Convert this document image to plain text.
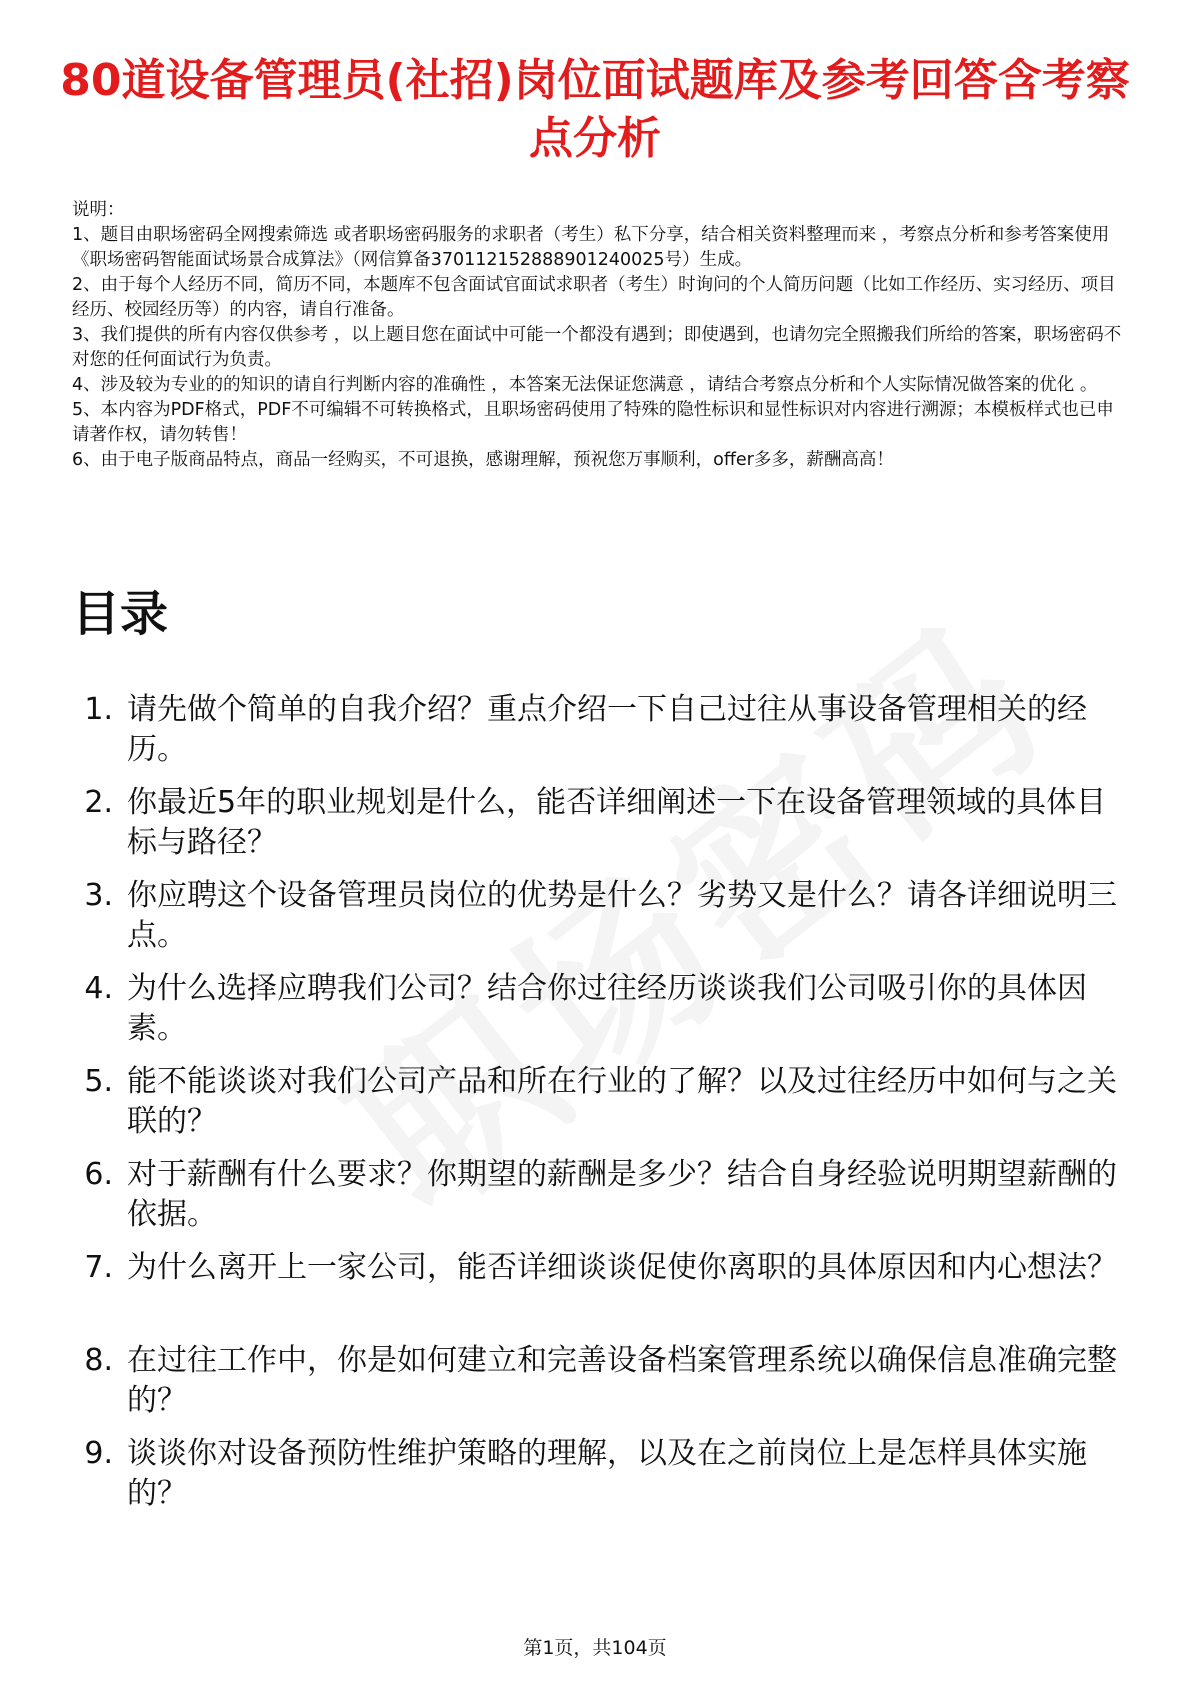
80道设备管理员(社招)岗位面试题库及参考回答含考察点分析

说明：

1、题目由职场密码全网搜索筛选 或者职场密码服务的求职者（考生）私下分享，结合相关资料整理而来 ，考察点分析和参考答案使用《职场密码智能面试场景合成算法》（网信算备370112152888901240025号）生成。

2、由于每个人经历不同，简历不同，本题库不包含面试官面试求职者（考生）时询问的个人简历问题（比如工作经历、实习经历、项目经历、校园经历等）的内容，请自行准备。

3、我们提供的所有内容仅供参考 ，以上题目您在面试中可能一个都没有遇到；即使遇到，也请勿完全照搬我们所给的答案，职场密码不对您的任何面试行为负责。

4、涉及较为专业的的知识的请自行判断内容的准确性 ，本答案无法保证您满意 ，请结合考察点分析和个人实际情况做答案的优化 。

5、本内容为PDF格式，PDF不可编辑不可转换格式，且职场密码使用了特殊的隐性标识和显性标识对内容进行溯源；本模板样式也已申请著作权，请勿转售！

6、由于电子版商品特点，商品一经购买，不可退换，感谢理解，预祝您万事顺利，offer多多，薪酬高高！

目录
1. 请先做个简单的自我介绍？重点介绍一下自己过往从事设备管理相关的经历。
2. 你最近5年的职业规划是什么，能否详细阐述一下在设备管理领域的具体目标与路径？
3. 你应聘这个设备管理员岗位的优势是什么？劣势又是什么？请各详细说明三点。
4. 为什么选择应聘我们公司？结合你过往经历谈谈我们公司吸引你的具体因素。
5. 能不能谈谈对我们公司产品和所在行业的了解？以及过往经历中如何与之关联的？
6. 对于薪酬有什么要求？你期望的薪酬是多少？结合自身经验说明期望薪酬的依据。
7. 为什么离开上一家公司，能否详细谈谈促使你离职的具体原因和内心想法？
8. 在过往工作中，你是如何建立和完善设备档案管理系统以确保信息准确完整的？
9. 谈谈你对设备预防性维护策略的理解，以及在之前岗位上是怎样具体实施的？
第1页，共104页
